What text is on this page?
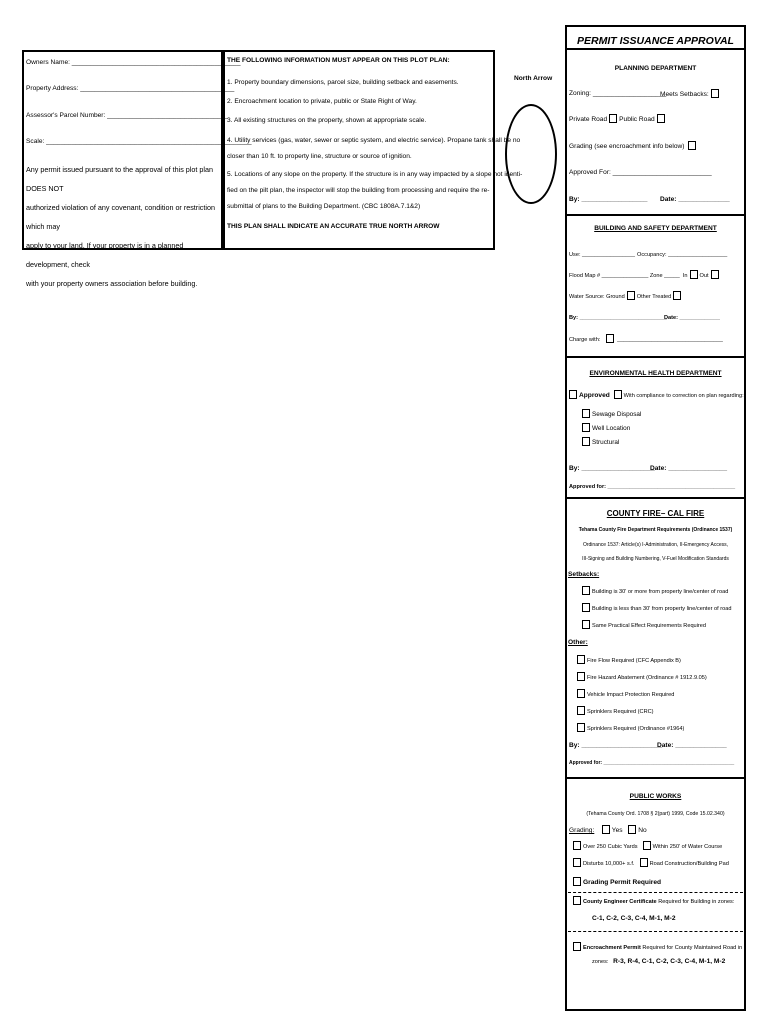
Owners Name: ______________________________________________
Property Address: __________________________________________
Assessor's Parcel Number: _________________________________
Scale: ________________________________________________________
Any permit issued pursuant to the approval of this plot plan DOES NOT
authorized violation of any covenant, condition or restriction which may
apply to your land. If your property is in a planned development, check
with your property owners association before building.
THE FOLLOWING INFORMATION MUST APPEAR ON THIS PLOT PLAN:
1. Property boundary dimensions, parcel size, building setback and easements.
2. Encroachment location to private, public or State Right of Way.
3. All existing structures on the property, shown at appropriate scale.
4. Utility services (gas, water, sewer or septic system, and electric service). Propane tank shall be no
closer than 10 ft. to property line, structure or source of ignition.
5. Locations of any slope on the property. If the structure is in any way impacted by a slope not identi-
fied on the pilt plan, the inspector will stop the building from processing and require the re-
submittal of plans to the Building Department. (CBC 1808A.7.1&2)
THIS PLAN SHALL INDICATE AN ACCURATE TRUE NORTH ARROW
North Arrow
PERMIT ISSUANCE APPROVAL
PLANNING DEPARTMENT
Zoning: ____________________
Meets Setbacks:
Private Road Public Road
Grading (see encroachment info below)
Approved For: ___________________________
By: __________________ Date: ______________
BUILDING AND SAFETY DEPARTMENT
Use: _________________ Occupancy: ___________________
Flood Map # _______________ Zone _____ In Out
Water Source: Ground Other Treated
By: ____________________________
Date: _____________
Charge with:	__________________________________
ENVIRONMENTAL HEALTH DEPARTMENT
Approved With compliance to correction on plan regarding:
Sewage Disposal
Well Location
Structural
By: ____________________
Date: ________________
Approved for: _________________________________________
COUNTY FIRE– CAL FIRE
Tehama County Fire Department Requirements (Ordinance 1537)
Ordinance 1537: Article(s) I-Administration, II-Emergency Access,
III-Signing and Building Numbering, V-Fuel Modification Standards
Setbacks:
Building is 30' or more from property line/center of road
Building is less than 30' from property line/center of road
Same Practical Effect Requirements Required
Other:
Fire Flow Required (CFC Appendix B)
Fire Hazard Abatement (Ordinance # 1912.9.05)
Vehicle Impact Protection Required
Sprinklers Required (CRC)
Sprinklers Required (Ordinance #1964)
By: ______________________
Date: ______________
Approved for: _______________________________________________
PUBLIC WORKS
(Tehama County Ord. 1708 § 2(part) 1999, Code 15.02.340)
Grading:	Yes No
Over 250 Cubic Yards	Within 250' of Water Course
Disturbs 10,000+ s.f.	Road Construction/Building Pad
Grading Permit Required
County Engineer Certificate Required for Building in zones:
C-1, C-2, C-3, C-4, M-1, M-2
Encroachment Permit Required for County Maintained Road in
zones: R-3, R-4, C-1, C-2, C-3, C-4, M-1, M-2
